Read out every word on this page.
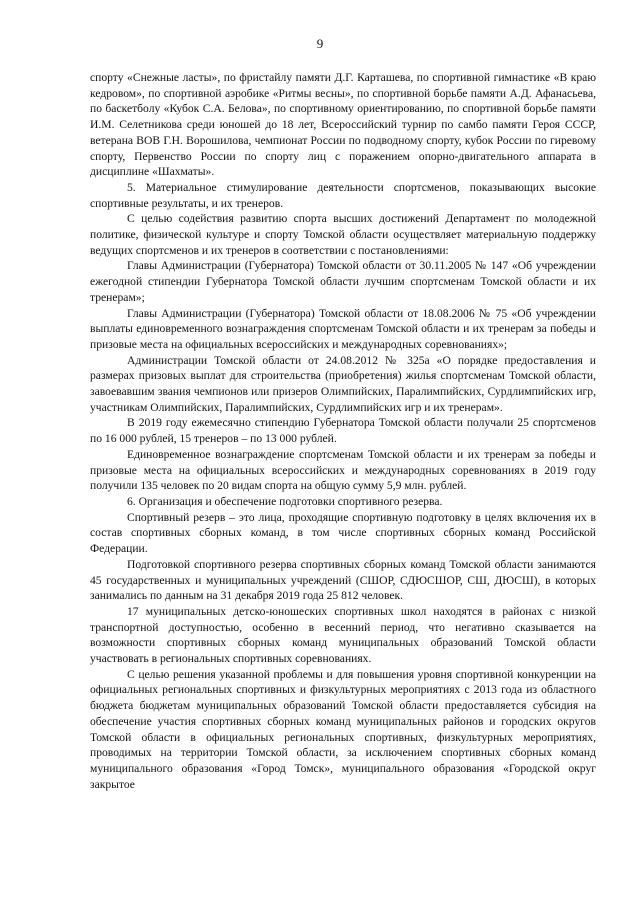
9

спорту «Снежные ласты», по фристайлу памяти Д.Г. Карташева, по спортивной гимнастике «В краю кедровом», по спортивной аэробике «Ритмы весны», по спортивной борьбе памяти А.Д. Афанасьева, по баскетболу «Кубок С.А. Белова», по спортивному ориентированию, по спортивной борьбе памяти И.М. Селетникова среди юношей до 18 лет, Всероссийский турнир по самбо памяти Героя СССР, ветерана ВОВ Г.Н. Ворошилова, чемпионат России по подводному спорту, кубок России по гиревому спорту, Первенство России по спорту лиц с поражением опорно-двигательного аппарата в дисциплине «Шахматы».

5. Материальное стимулирование деятельности спортсменов, показывающих высокие спортивные результаты, и их тренеров.

С целью содействия развитию спорта высших достижений Департамент по молодежной политике, физической культуре и спорту Томской области осуществляет материальную поддержку ведущих спортсменов и их тренеров в соответствии с постановлениями:

Главы Администрации (Губернатора) Томской области от 30.11.2005 № 147 «Об учреждении ежегодной стипендии Губернатора Томской области лучшим спортсменам Томской области и их тренерам»;

Главы Администрации (Губернатора) Томской области от 18.08.2006 № 75 «Об учреждении выплаты единовременного вознаграждения спортсменам Томской области и их тренерам за победы и призовые места на официальных всероссийских и международных соревнованиях»;

Администрации Томской области от 24.08.2012 № 325а «О порядке предоставления и размерах призовых выплат для строительства (приобретения) жилья спортсменам Томской области, завоевавшим звания чемпионов или призеров Олимпийских, Паралимпийских, Сурдлимпийских игр, участникам Олимпийских, Паралимпийских, Сурдлимпийских игр и их тренерам».

В 2019 году ежемесячно стипендию Губернатора Томской области получали 25 спортсменов по 16 000 рублей, 15 тренеров – по 13 000 рублей.

Единовременное вознаграждение спортсменам Томской области и их тренерам за победы и призовые места на официальных всероссийских и международных соревнованиях в 2019 году получили 135 человек по 20 видам спорта на общую сумму 5,9 млн. рублей.

6. Организация и обеспечение подготовки спортивного резерва.

Спортивный резерв – это лица, проходящие спортивную подготовку в целях включения их в состав спортивных сборных команд, в том числе спортивных сборных команд Российской Федерации.

Подготовкой спортивного резерва спортивных сборных команд Томской области занимаются 45 государственных и муниципальных учреждений (СШОР, СДЮСШОР, СШ, ДЮСШ), в которых занимались по данным на 31 декабря 2019 года 25 812 человек.

17 муниципальных детско-юношеских спортивных школ находятся в районах с низкой транспортной доступностью, особенно в весенний период, что негативно сказывается на возможности спортивных сборных команд муниципальных образований Томской области участвовать в региональных спортивных соревнованиях.

С целью решения указанной проблемы и для повышения уровня спортивной конкуренции на официальных региональных спортивных и физкультурных мероприятиях с 2013 года из областного бюджета бюджетам муниципальных образований Томской области предоставляется субсидия на обеспечение участия спортивных сборных команд муниципальных районов и городских округов Томской области в официальных региональных спортивных, физкультурных мероприятиях, проводимых на территории Томской области, за исключением спортивных сборных команд муниципального образования «Город Томск», муниципального образования «Городской округ закрытое
